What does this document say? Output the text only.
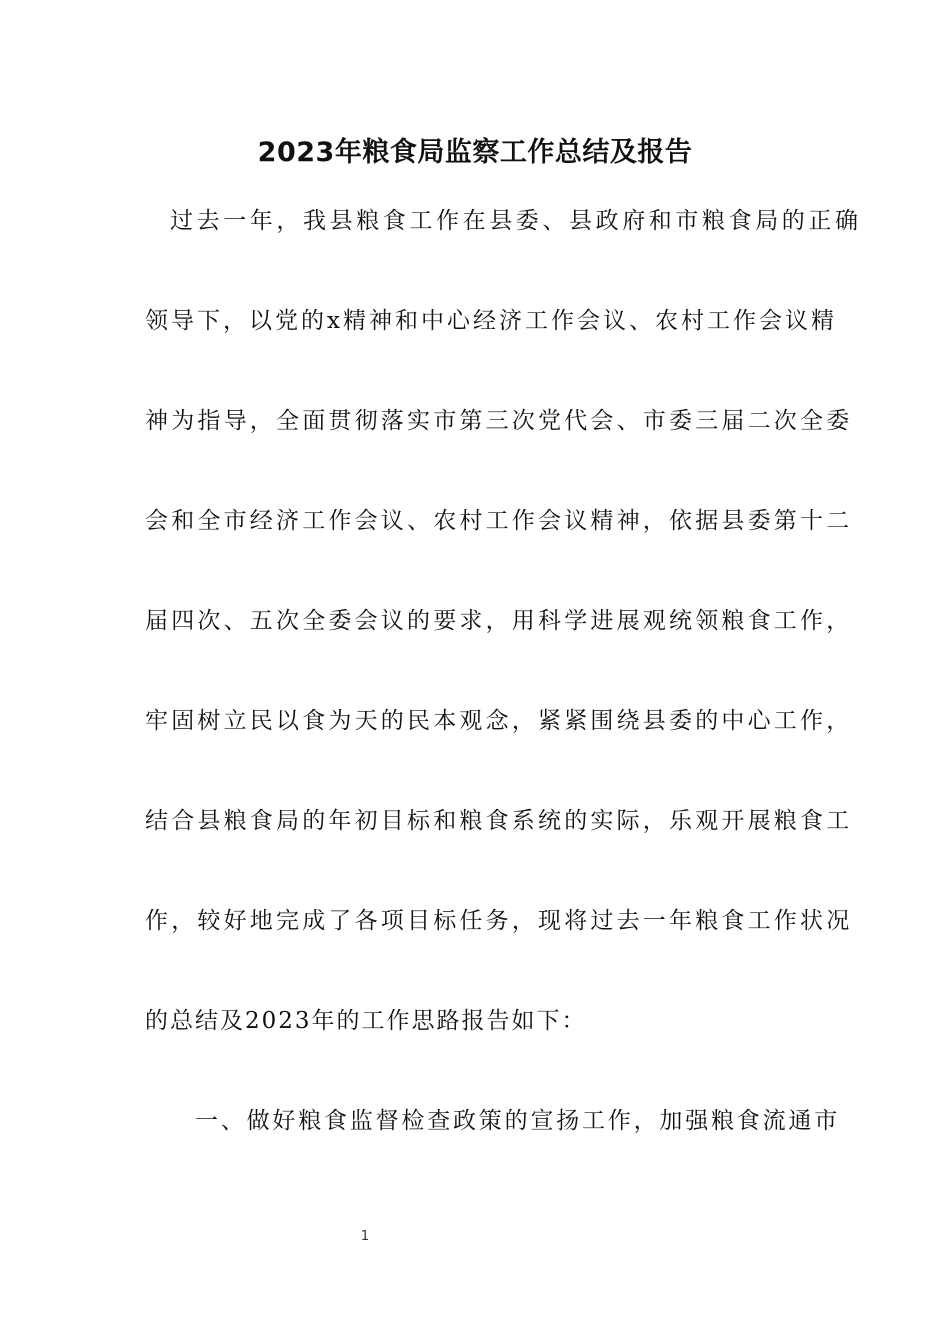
2023年粮食局监察工作总结及报告
过去一年，我县粮食工作在县委、县政府和市粮食局的正确
领导下，以党的x精神和中心经济工作会议、农村工作会议精
神为指导，全面贯彻落实市第三次党代会、市委三届二次全委
会和全市经济工作会议、农村工作会议精神，依据县委第十二
届四次、五次全委会议的要求，用科学进展观统领粮食工作，
牢固树立民以食为天的民本观念，紧紧围绕县委的中心工作，
结合县粮食局的年初目标和粮食系统的实际，乐观开展粮食工
作，较好地完成了各项目标任务，现将过去一年粮食工作状况
的总结及2023年的工作思路报告如下：
一、做好粮食监督检查政策的宣扬工作，加强粮食流通市
1
